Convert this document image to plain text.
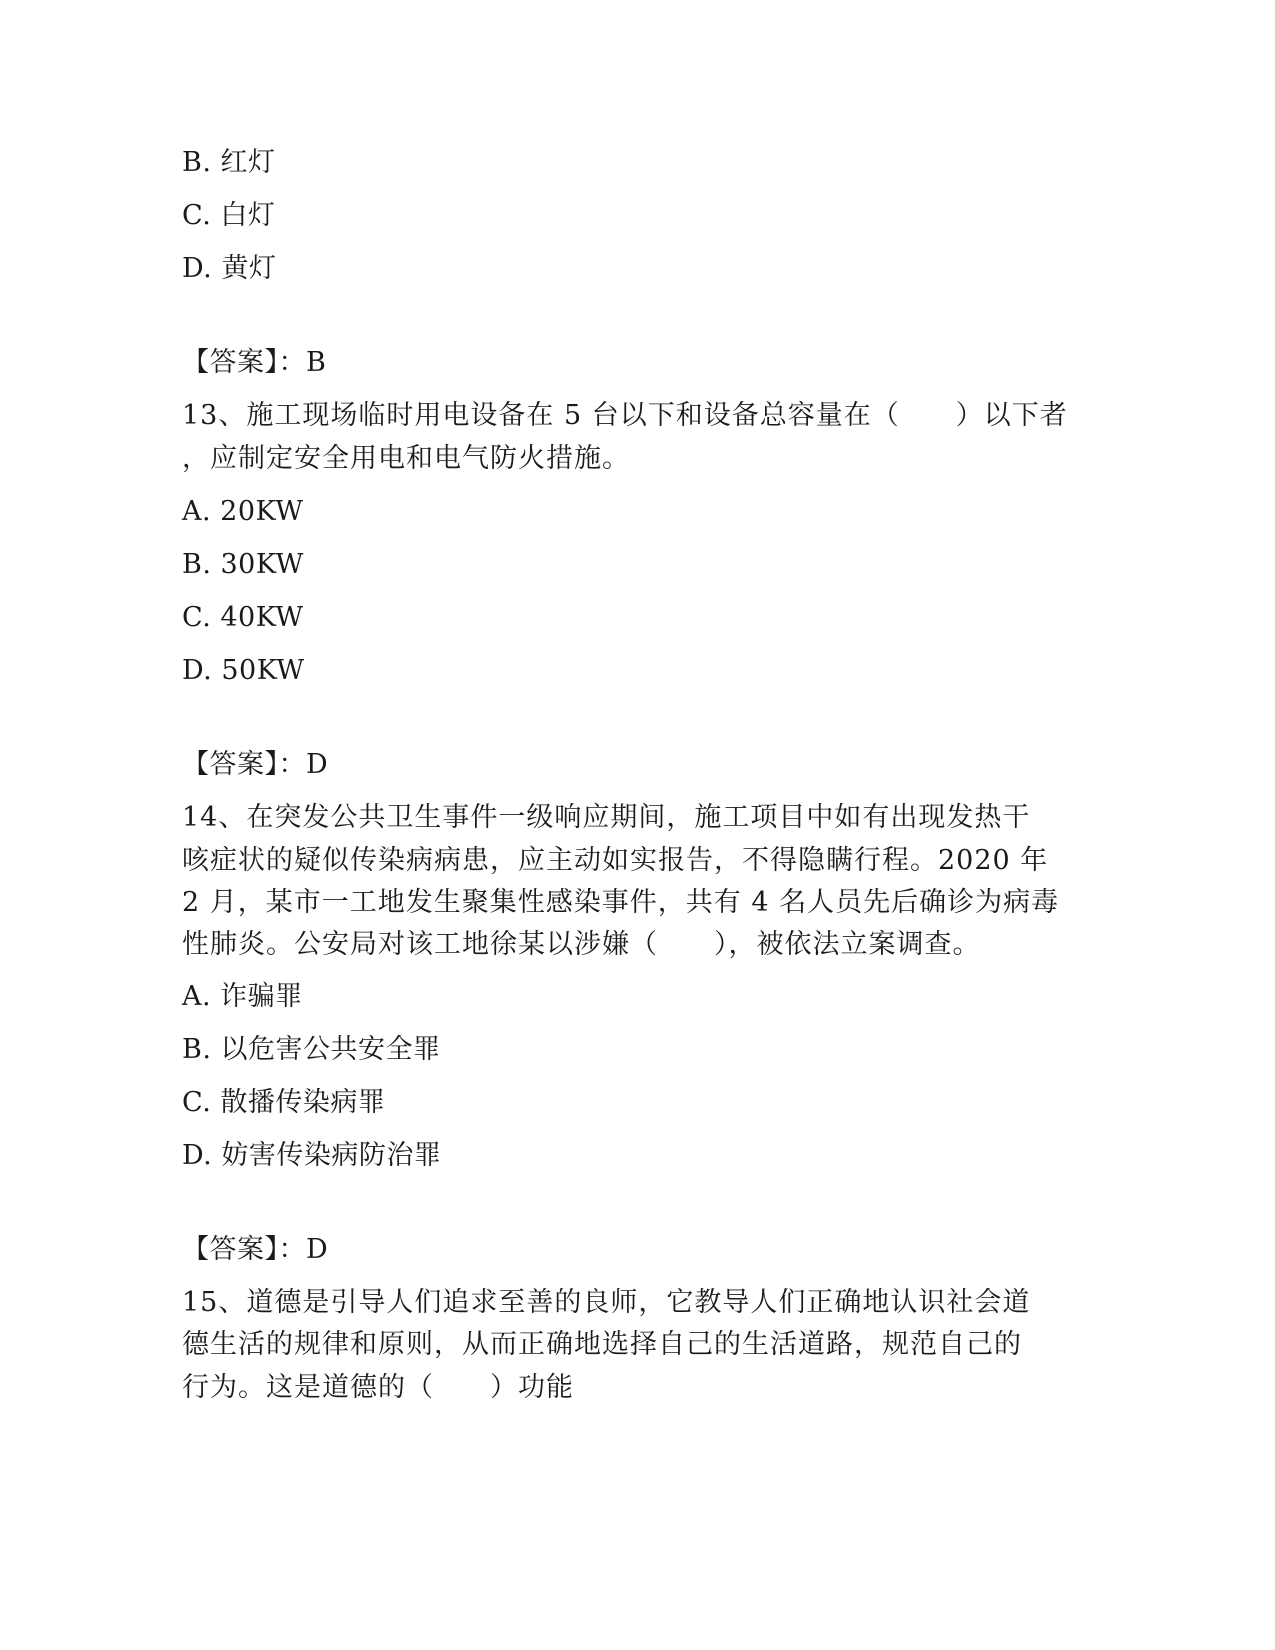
B. 红灯
C. 白灯
D. 黄灯
【答案】：B
13、施工现场临时用电设备在 5 台以下和设备总容量在（　　）以下者
，应制定安全用电和电气防火措施。
A. 20KW
B. 30KW
C. 40KW
D. 50KW
【答案】：D
14、在突发公共卫生事件一级响应期间，施工项目中如有出现发热干
咳症状的疑似传染病病患，应主动如实报告，不得隐瞒行程。2020 年
2 月，某市一工地发生聚集性感染事件，共有 4 名人员先后确诊为病毒
性肺炎。公安局对该工地徐某以涉嫌（　　），被依法立案调查。
A. 诈骗罪
B. 以危害公共安全罪
C. 散播传染病罪
D. 妨害传染病防治罪
【答案】：D
15、道德是引导人们追求至善的良师，它教导人们正确地认识社会道
德生活的规律和原则，从而正确地选择自己的生活道路，规范自己的
行为。这是道德的（　　）功能
